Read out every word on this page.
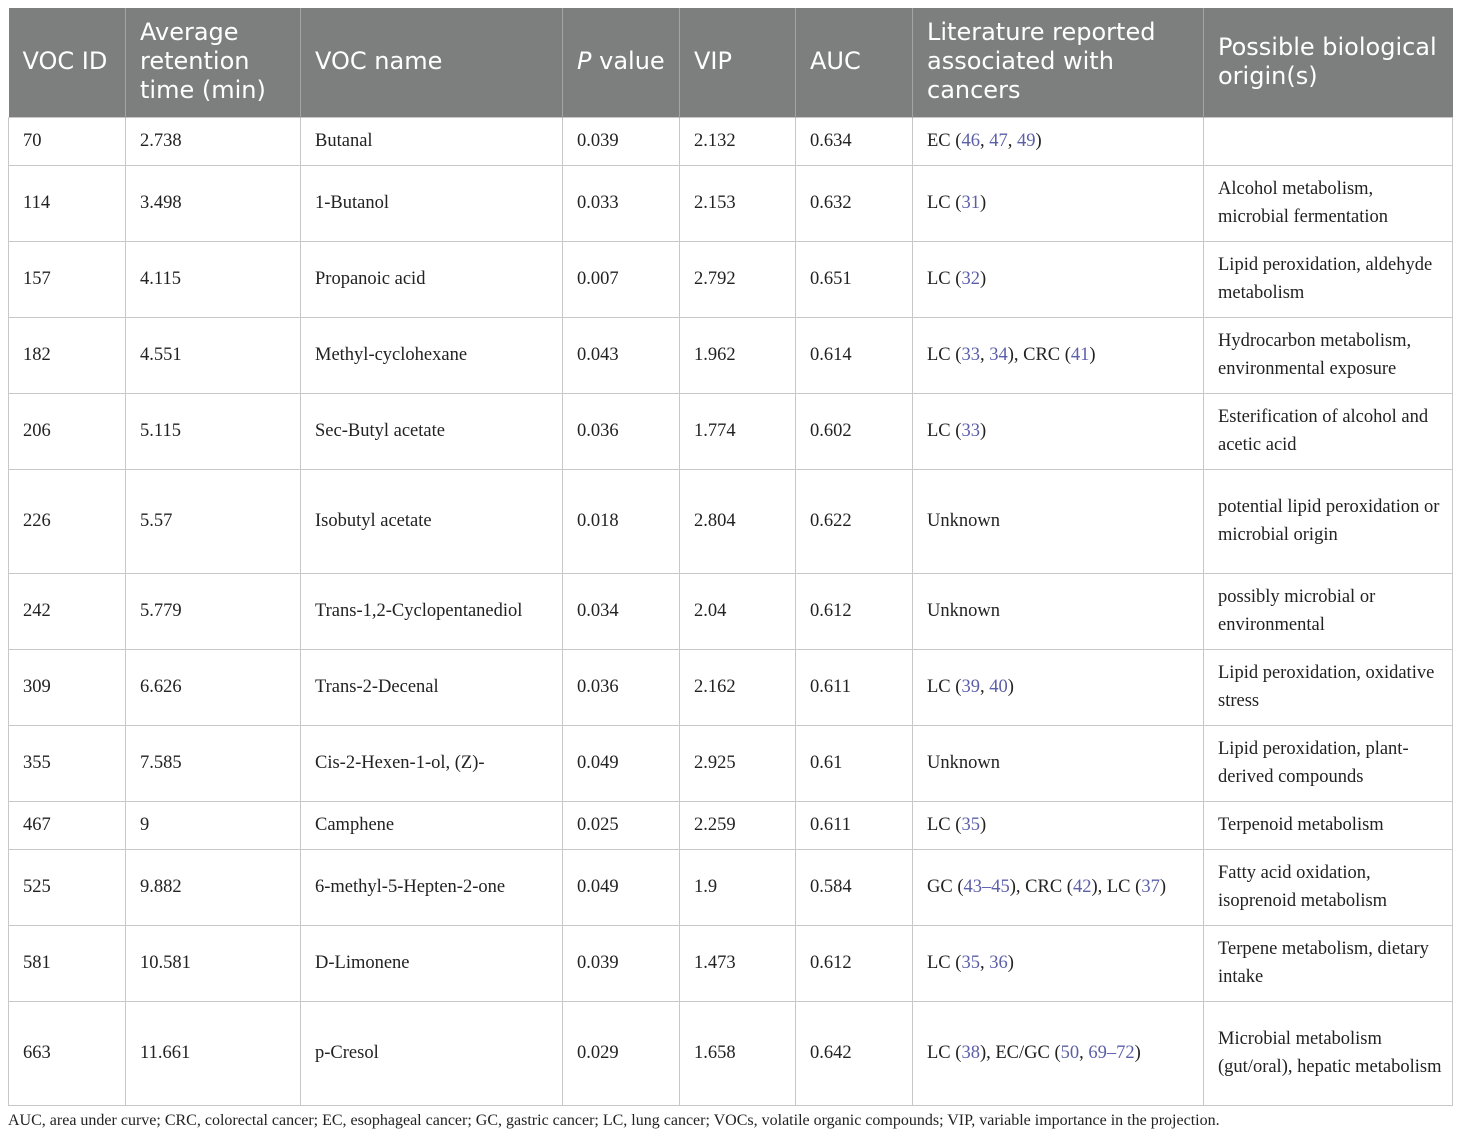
VOC ID	Average retention time (min)	VOC name	P value	VIP	AUC	Literature reported associated with cancers	Possible biological origin(s)
70	2.738	Butanal	0.039	2.132	0.634	EC (46, 47, 49)	
114	3.498	1-Butanol	0.033	2.153	0.632	LC (31)	Alcohol metabolism, microbial fermentation
157	4.115	Propanoic acid	0.007	2.792	0.651	LC (32)	Lipid peroxidation, aldehyde metabolism
182	4.551	Methyl-cyclohexane	0.043	1.962	0.614	LC (33, 34), CRC (41)	Hydrocarbon metabolism, environmental exposure
206	5.115	Sec-Butyl acetate	0.036	1.774	0.602	LC (33)	Esterification of alcohol and acetic acid
226	5.57	Isobutyl acetate	0.018	2.804	0.622	Unknown	potential lipid peroxidation or microbial origin
242	5.779	Trans-1,2-Cyclopentanediol	0.034	2.04	0.612	Unknown	possibly microbial or environmental
309	6.626	Trans-2-Decenal	0.036	2.162	0.611	LC (39, 40)	Lipid peroxidation, oxidative stress
355	7.585	Cis-2-Hexen-1-ol, (Z)-	0.049	2.925	0.61	Unknown	Lipid peroxidation, plant-derived compounds
467	9	Camphene	0.025	2.259	0.611	LC (35)	Terpenoid metabolism
525	9.882	6-methyl-5-Hepten-2-one	0.049	1.9	0.584	GC (43–45), CRC (42), LC (37)	Fatty acid oxidation, isoprenoid metabolism
581	10.581	D-Limonene	0.039	1.473	0.612	LC (35, 36)	Terpene metabolism, dietary intake
663	11.661	p-Cresol	0.029	1.658	0.642	LC (38), EC/GC (50, 69–72)	Microbial metabolism (gut/oral), hepatic metabolism
AUC, area under curve; CRC, colorectal cancer; EC, esophageal cancer; GC, gastric cancer; LC, lung cancer; VOCs, volatile organic compounds; VIP, variable importance in the projection.
